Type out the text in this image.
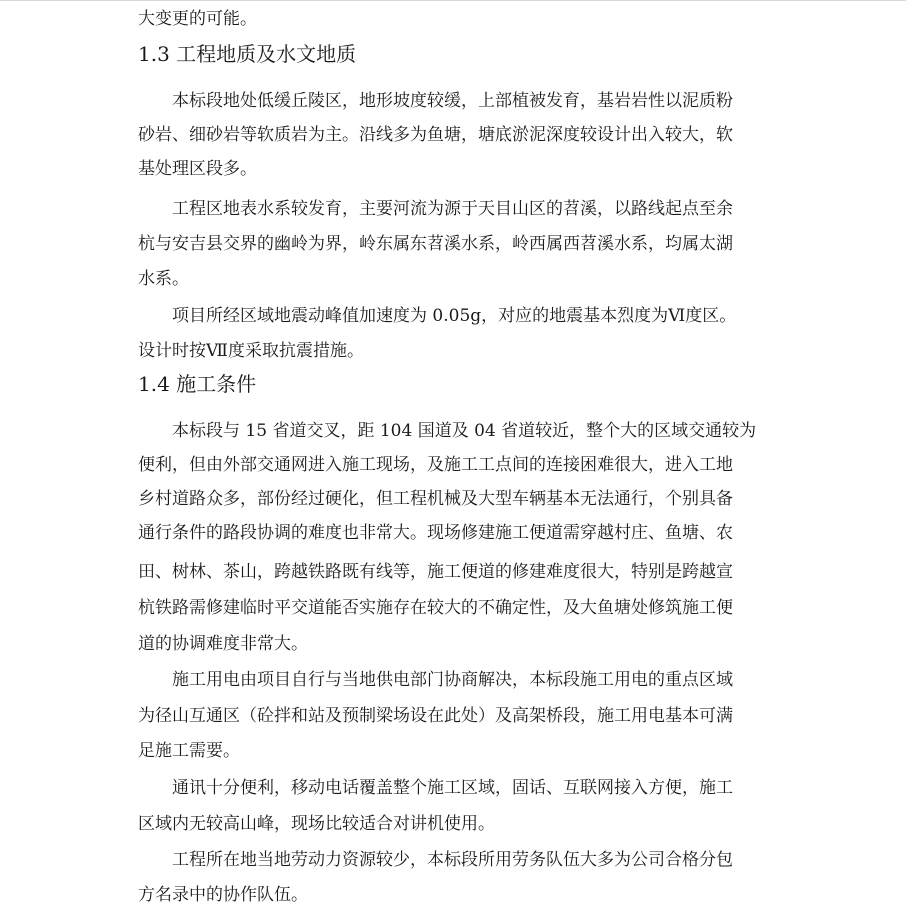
大变更的可能。
1.3 工程地质及水文地质
本标段地处低缓丘陵区，地形坡度较缓，上部植被发育，基岩岩性以泥质粉
砂岩、细砂岩等软质岩为主。沿线多为鱼塘，塘底淤泥深度较设计出入较大，软
基处理区段多。
工程区地表水系较发育，主要河流为源于天目山区的苕溪，以路线起点至余
杭与安吉县交界的幽岭为界，岭东属东苕溪水系，岭西属西苕溪水系，均属太湖
水系。
项目所经区域地震动峰值加速度为 0.05g，对应的地震基本烈度为Ⅵ度区。
设计时按Ⅶ度采取抗震措施。
1.4 施工条件
本标段与 15 省道交叉，距 104 国道及 04 省道较近，整个大的区域交通较为
便利，但由外部交通网进入施工现场，及施工工点间的连接困难很大，进入工地
乡村道路众多，部份经过硬化，但工程机械及大型车辆基本无法通行，个别具备
通行条件的路段协调的难度也非常大。现场修建施工便道需穿越村庄、鱼塘、农
田、树林、茶山，跨越铁路既有线等，施工便道的修建难度很大，特别是跨越宣
杭铁路需修建临时平交道能否实施存在较大的不确定性，及大鱼塘处修筑施工便
道的协调难度非常大。
施工用电由项目自行与当地供电部门协商解决，本标段施工用电的重点区域
为径山互通区（砼拌和站及预制梁场设在此处）及高架桥段，施工用电基本可满
足施工需要。
通讯十分便利，移动电话覆盖整个施工区域，固话、互联网接入方便，施工
区域内无较高山峰，现场比较适合对讲机使用。
工程所在地当地劳动力资源较少，本标段所用劳务队伍大多为公司合格分包
方名录中的协作队伍。
